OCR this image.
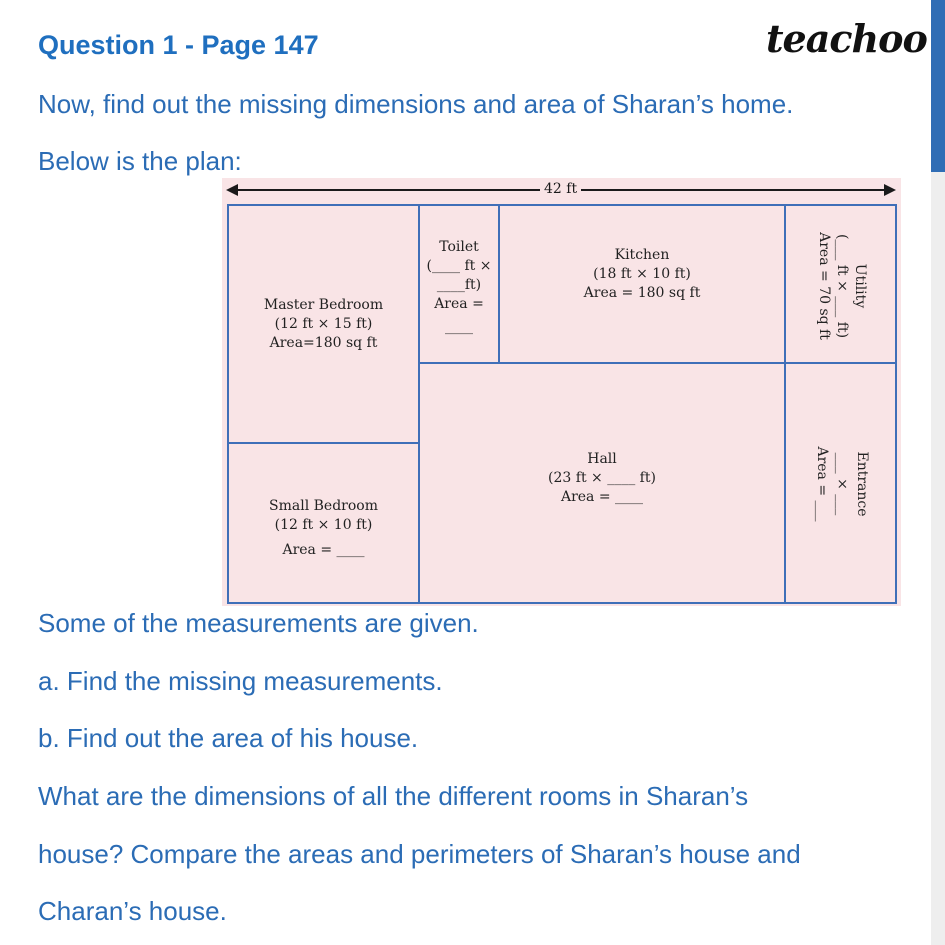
Question 1 - Page 147	teachoo
Now, find out the missing dimensions and area of Sharan’s home.
Below is the plan:
42 ft
Master Bedroom
(12 ft × 15 ft)
Area=180 sq ft
Toilet
(____ ft ×
____ft)
Area =
____
Kitchen
(18 ft × 10 ft)
Area = 180 sq ft	Utility
(___ ft × ___ ft)
Area = 70 sq ft
Small Bedroom
(12 ft × 10 ft)
Area = ____
Hall
(23 ft × ____ ft)
Area = ____	Entrance
___ × ___
Area = ___
Some of the measurements are given.
a. Find the missing measurements.
b. Find out the area of his house.
What are the dimensions of all the different rooms in Sharan’s
house? Compare the areas and perimeters of Sharan’s house and
Charan’s house.
